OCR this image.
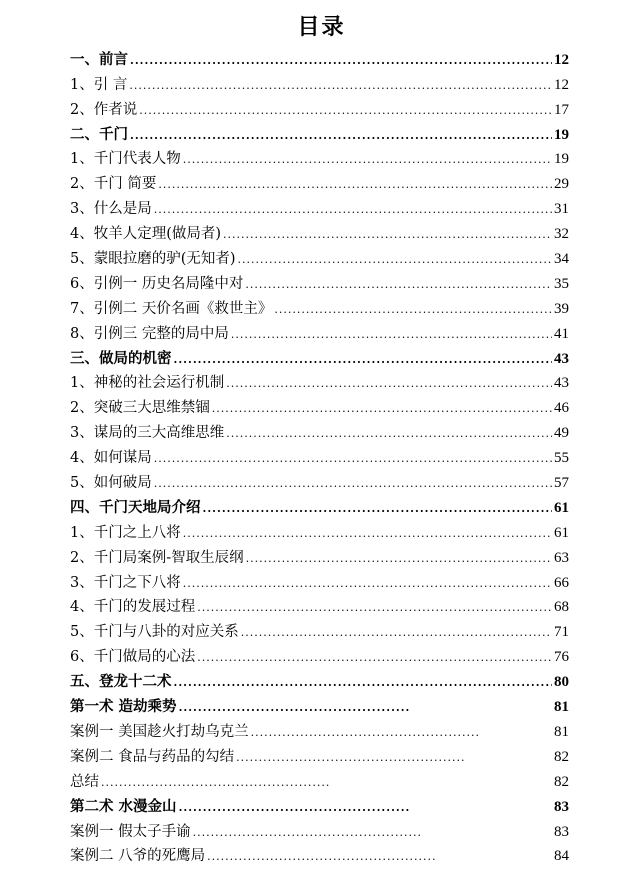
目录
一、前言 .....	12
1、引 言 .....	12
2、作者说 .....	17
二、千门 .....	19
1、千门代表人物 .....	19
2、千门 简要 .....	29
3、什么是局 .....	31
4、牧羊人定理(做局者) .....	32
5、蒙眼拉磨的驴(无知者) .....	34
6、引例一 历史名局隆中对 .....	35
7、引例二 天价名画《救世主》 .....	39
8、引例三 完整的局中局 .....	41
三、做局的机密 .....	43
1、神秘的社会运行机制 .....	43
2、突破三大思维禁锢 .....	46
3、谋局的三大高维思维 .....	49
4、如何谋局 .....	55
5、如何破局 .....	57
四、千门天地局介绍 .....	61
1、千门之上八将 .....	61
2、千门局案例-智取生辰纲 .....	63
3、千门之下八将 .....	66
4、千门的发展过程 .....	68
5、千门与八卦的对应关系 .....	71
6、千门做局的心法 .....	76
五、登龙十二术 .....	80
第一术 造劫乘势 .....	81
案例一 美国趁火打劫乌克兰 .....	81
案例二 食品与药品的勾结 .....	82
总结 .....	82
第二术 水漫金山 .....	83
案例一 假太子手谕 .....	83
案例二 八爷的死鹰局 .....	84
